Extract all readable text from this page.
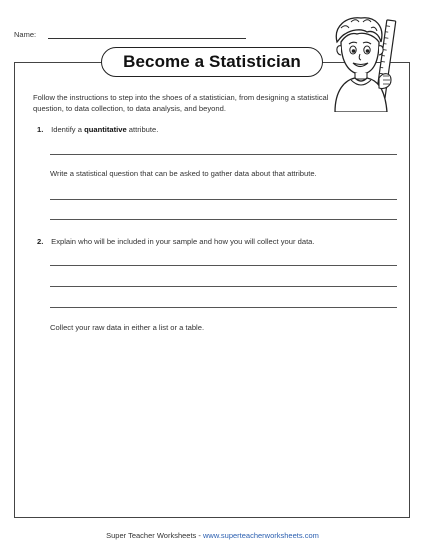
Name:
Become a Statistician
Follow the instructions to step into the shoes of a statistician, from designing a statistical question, to data collection, to data analysis, and beyond.
1. Identify a quantitative attribute.
Write a statistical question that can be asked to gather data about that attribute.
2. Explain who will be included in your sample and how you will collect your data.
Collect your raw data in either a list or a table.
Super Teacher Worksheets - www.superteacherworksheets.com
